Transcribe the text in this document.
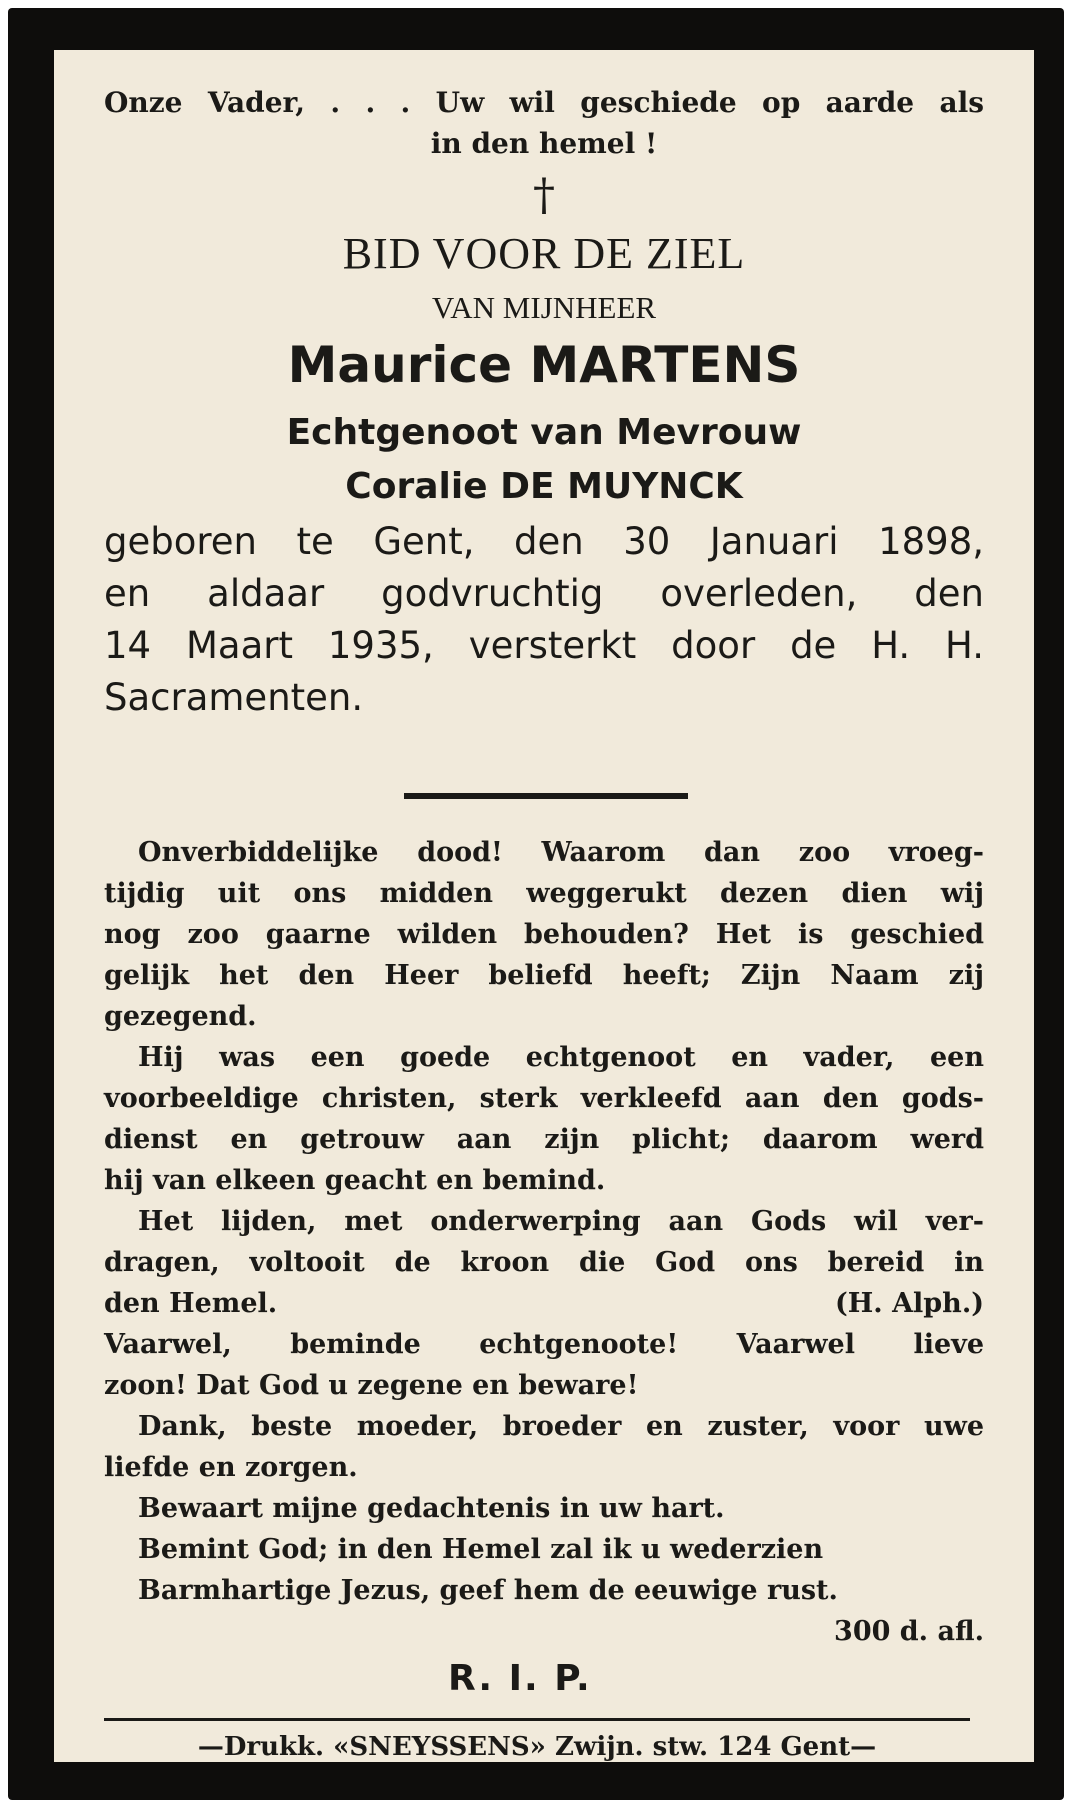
Onze Vader, . . . Uw wil geschiede op aarde als
in den hemel !
†
BID VOOR DE ZIEL
VAN MIJNHEER
Maurice MARTENS
Echtgenoot van Mevrouw
Coralie DE MUYNCK
geboren te Gent, den 30 Januari 1898,
en aldaar godvruchtig overleden, den
14 Maart 1935, versterkt door de H. H.
Sacramenten.
Onverbiddelijke dood! Waarom dan zoo vroeg-
tijdig uit ons midden weggerukt dezen dien wij
nog zoo gaarne wilden behouden? Het is geschied
gelijk het den Heer beliefd heeft; Zijn Naam zij
gezegend.
Hij was een goede echtgenoot en vader, een
voorbeeldige christen, sterk verkleefd aan den gods-
dienst en getrouw aan zijn plicht; daarom werd
hij van elkeen geacht en bemind.
Het lijden, met onderwerping aan Gods wil ver-
dragen, voltooit de kroon die God ons bereid in
den Hemel.	(H. Alph.)
Vaarwel, beminde echtgenoote! Vaarwel lieve
zoon! Dat God u zegene en beware!
Dank, beste moeder, broeder en zuster, voor uwe
liefde en zorgen.
Bewaart mijne gedachtenis in uw hart.
Bemint God; in den Hemel zal ik u wederzien
Barmhartige Jezus, geef hem de eeuwige rust.
300 d. afl.
R. I. P.
—Drukk. «SNEYSSENS» Zwijn. stw. 124 Gent—
